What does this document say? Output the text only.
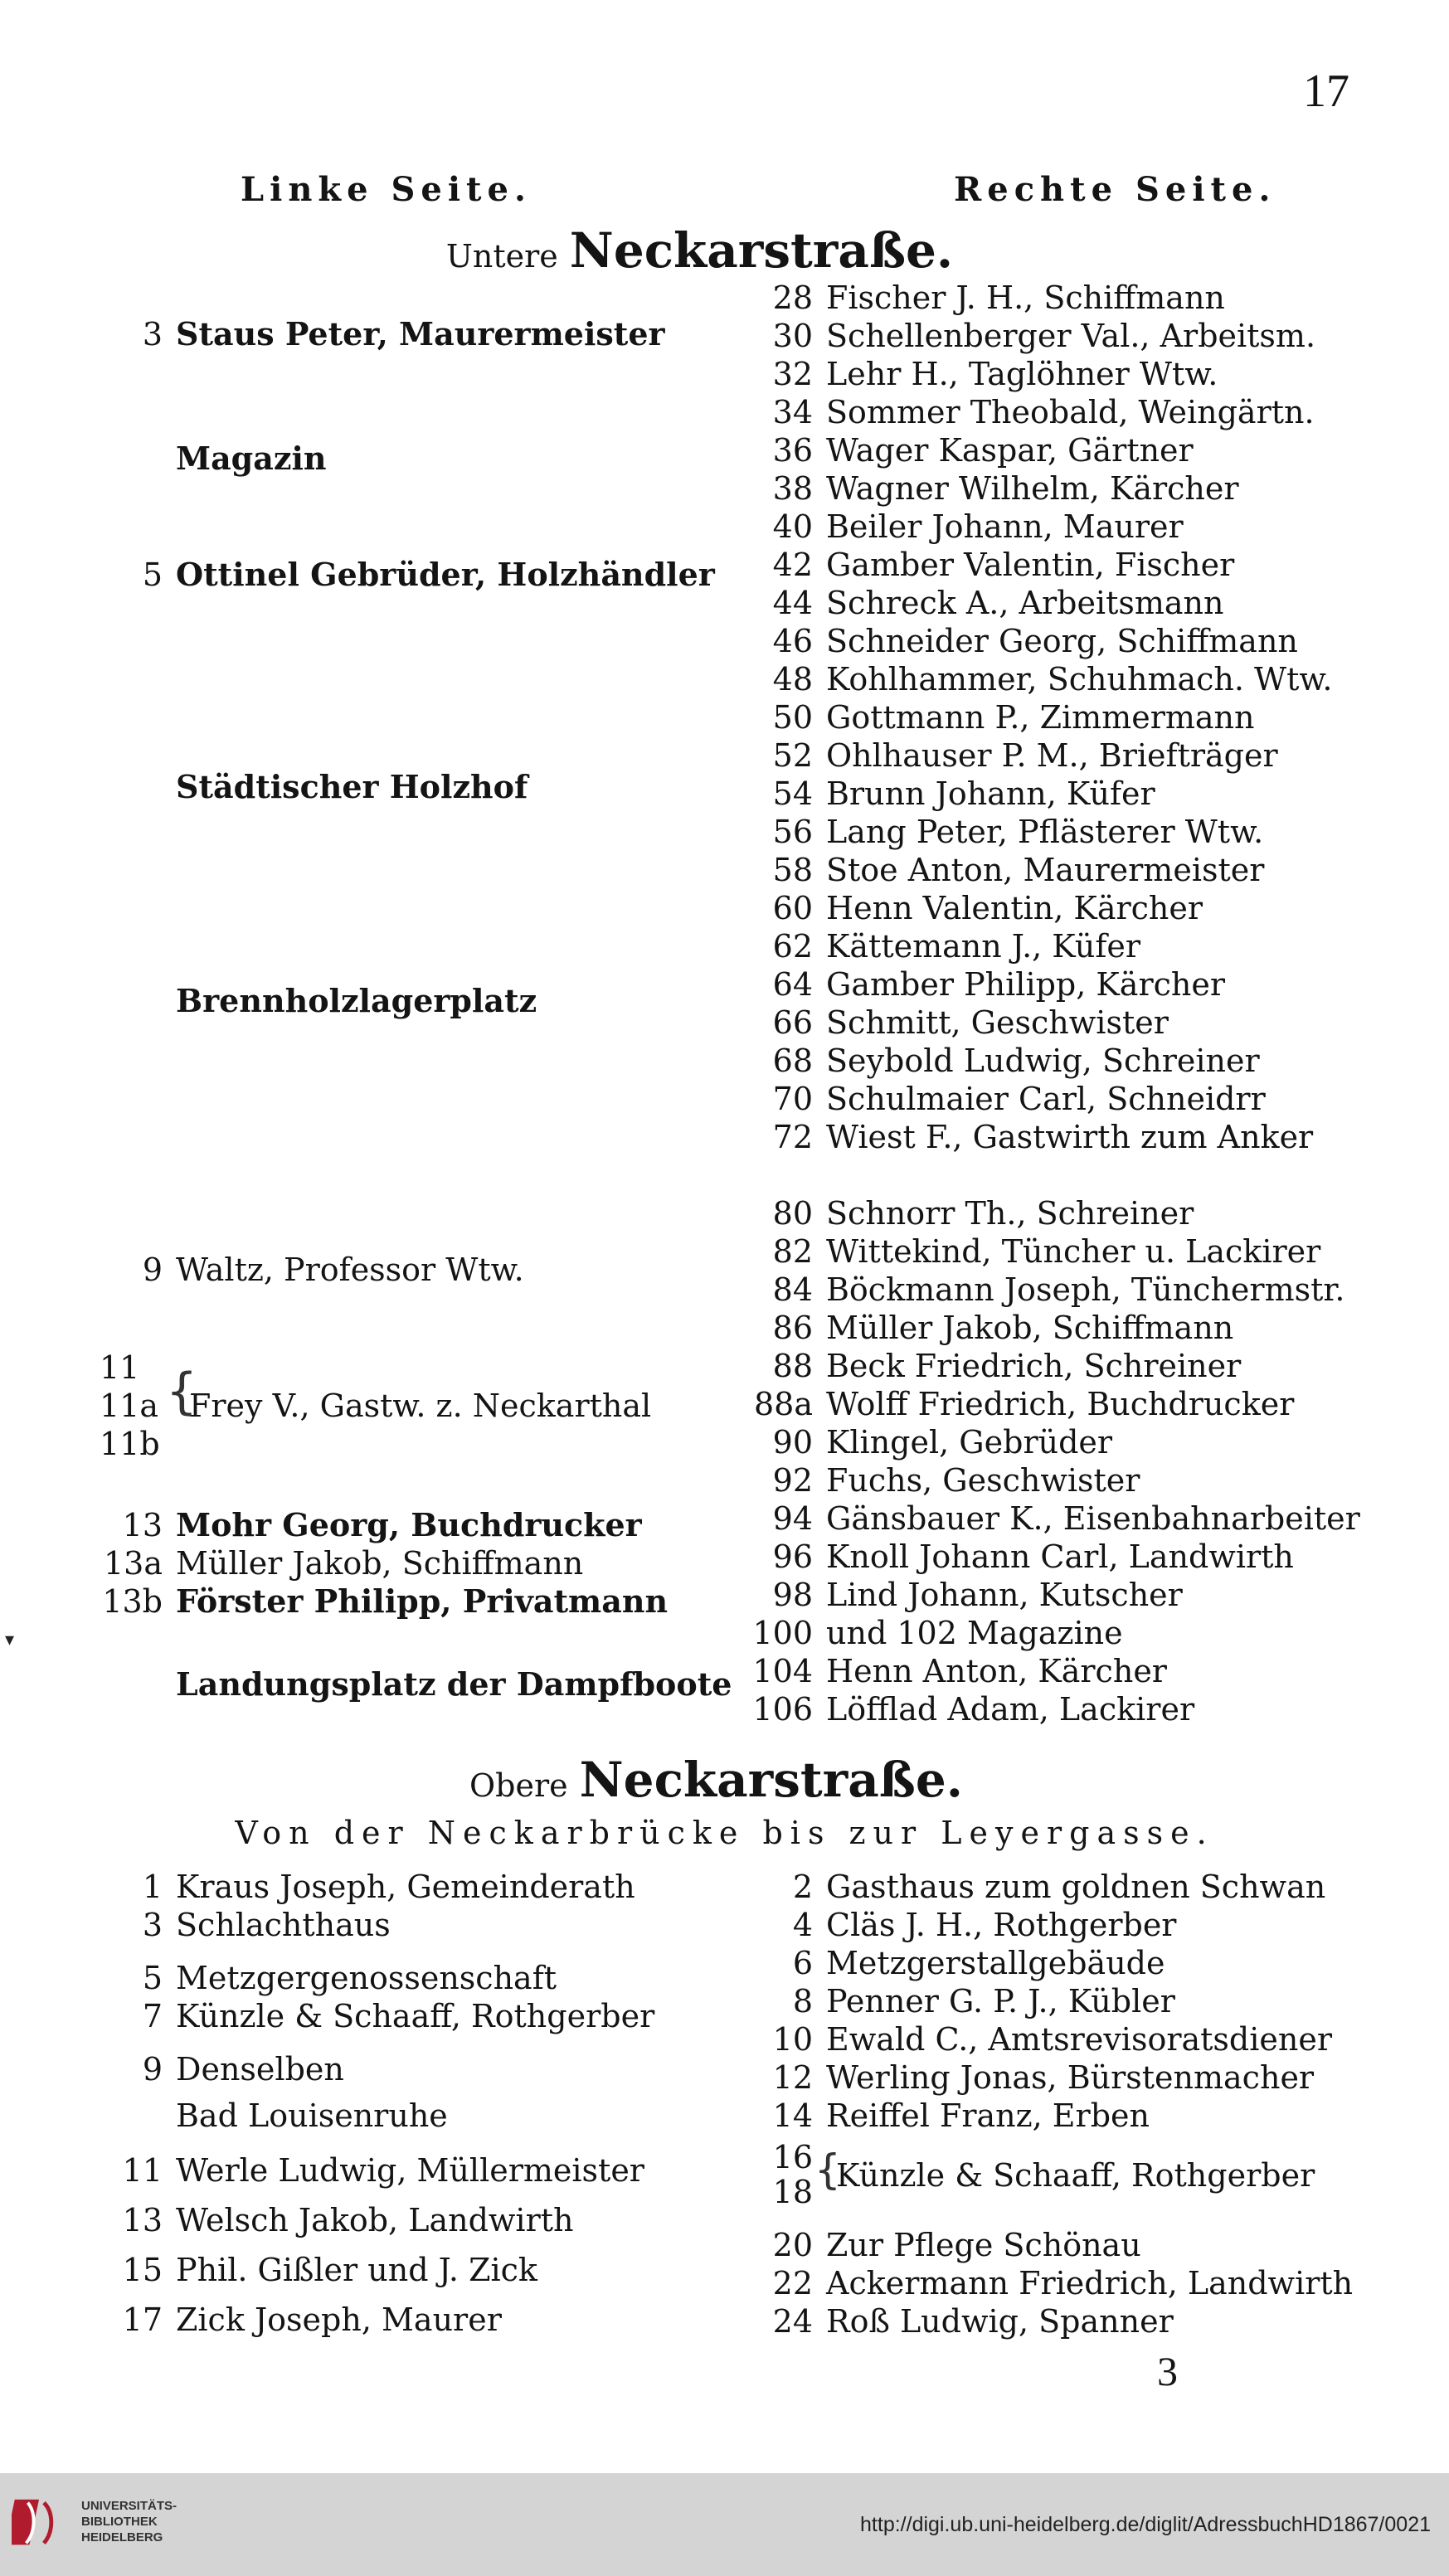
17
Linke Seite.	Rechte Seite.
Untere Neckarstraße.
3 Staus Peter, Maurermeister
Magazin
5 Ottinel Gebrüder, Holzhändler
Städtischer Holzhof
Brennholzlagerplatz
9 Waltz, Professor Wtw.
11
11a
11b
{
Frey V., Gastw. z. Neckarthal
13 Mohr Georg, Buchdrucker
13a Müller Jakob, Schiffmann
13b Förster Philipp, Privatmann
Landungsplatz der Dampfboote
28 Fischer J. H., Schiffmann
30 Schellenberger Val., Arbeitsm.
32 Lehr H., Taglöhner Wtw.
34 Sommer Theobald, Weingärtn.
36 Wager Kaspar, Gärtner
38 Wagner Wilhelm, Kärcher
40 Beiler Johann, Maurer
42 Gamber Valentin, Fischer
44 Schreck A., Arbeitsmann
46 Schneider Georg, Schiffmann
48 Kohlhammer, Schuhmach. Wtw.
50 Gottmann P., Zimmermann
52 Ohlhauser P. M., Briefträger
54 Brunn Johann, Küfer
56 Lang Peter, Pflästerer Wtw.
58 Stoe Anton, Maurermeister
60 Henn Valentin, Kärcher
62 Kättemann J., Küfer
64 Gamber Philipp, Kärcher
66 Schmitt, Geschwister
68 Seybold Ludwig, Schreiner
70 Schulmaier Carl, Schneidrr
72 Wiest F., Gastwirth zum Anker
80 Schnorr Th., Schreiner
82 Wittekind, Tüncher u. Lackirer
84 Böckmann Joseph, Tünchermstr.
86 Müller Jakob, Schiffmann
88 Beck Friedrich, Schreiner
88a Wolff Friedrich, Buchdrucker
90 Klingel, Gebrüder
92 Fuchs, Geschwister
94 Gänsbauer K., Eisenbahnarbeiter
96 Knoll Johann Carl, Landwirth
98 Lind Johann, Kutscher
100 und 102 Magazine
104 Henn Anton, Kärcher
106 Löfflad Adam, Lackirer
▾
Obere Neckarstraße.
Von der Neckarbrücke bis zur Leyergasse.
1 Kraus Joseph, Gemeinderath
3 Schlachthaus
5 Metzgergenossenschaft
7 Künzle & Schaaff, Rothgerber
9 Denselben
Bad Louisenruhe
11 Werle Ludwig, Müllermeister
13 Welsch Jakob, Landwirth
15 Phil. Gißler und J. Zick
17 Zick Joseph, Maurer
2 Gasthaus zum goldnen Schwan
4 Cläs J. H., Rothgerber
6 Metzgerstallgebäude
8 Penner G. P. J., Kübler
10 Ewald C., Amtsrevisoratsdiener
12 Werling Jonas, Bürstenmacher
14 Reiffel Franz, Erben
16
18 {
Künzle & Schaaff, Rothgerber
20 Zur Pflege Schönau
22 Ackermann Friedrich, Landwirth
24 Roß Ludwig, Spanner
3
UNIVERSITÄTS-
BIBLIOTHEK
HEIDELBERG
http://digi.ub.uni-heidelberg.de/diglit/AdressbuchHD1867/0021
